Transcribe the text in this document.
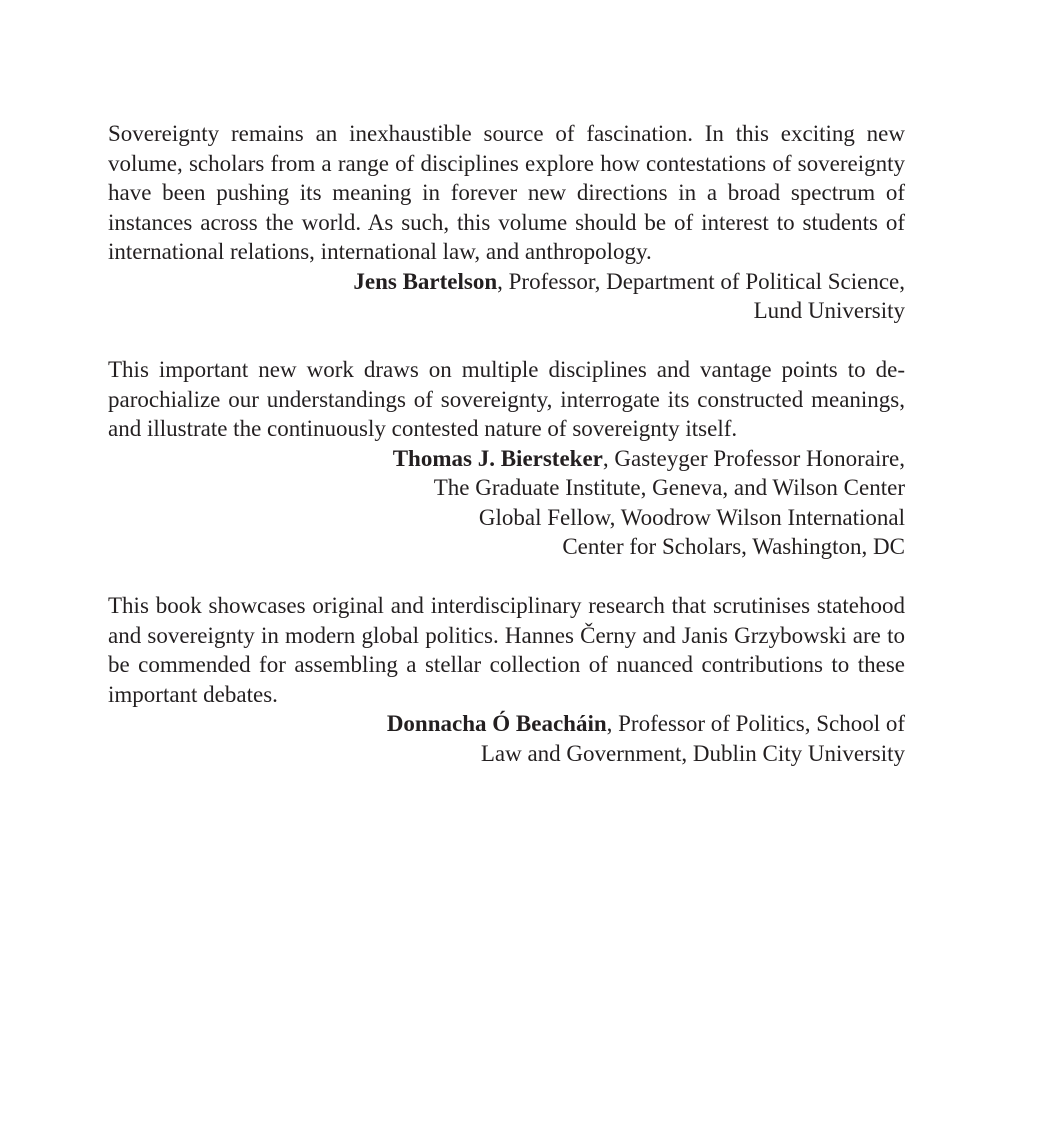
Sovereignty remains an inexhaustible source of fascination. In this exciting new volume, scholars from a range of disciplines explore how contestations of sovereignty have been pushing its meaning in forever new directions in a broad spectrum of instances across the world. As such, this volume should be of interest to students of international relations, international law, and anthropology.

Jens Bartelson, Professor, Department of Political Science,
Lund University

This important new work draws on multiple disciplines and vantage points to de-parochialize our understandings of sovereignty, interrogate its constructed meanings, and illustrate the continuously contested nature of sovereignty itself.

Thomas J. Biersteker, Gasteyger Professor Honoraire,
The Graduate Institute, Geneva, and Wilson Center
Global Fellow, Woodrow Wilson International
Center for Scholars, Washington, DC

This book showcases original and interdisciplinary research that scrutinises statehood and sovereignty in modern global politics. Hannes Černy and Janis Grzybowski are to be commended for assembling a stellar collection of nuanced contributions to these important debates.

Donnacha Ó Beacháin, Professor of Politics, School of
Law and Government, Dublin City University
